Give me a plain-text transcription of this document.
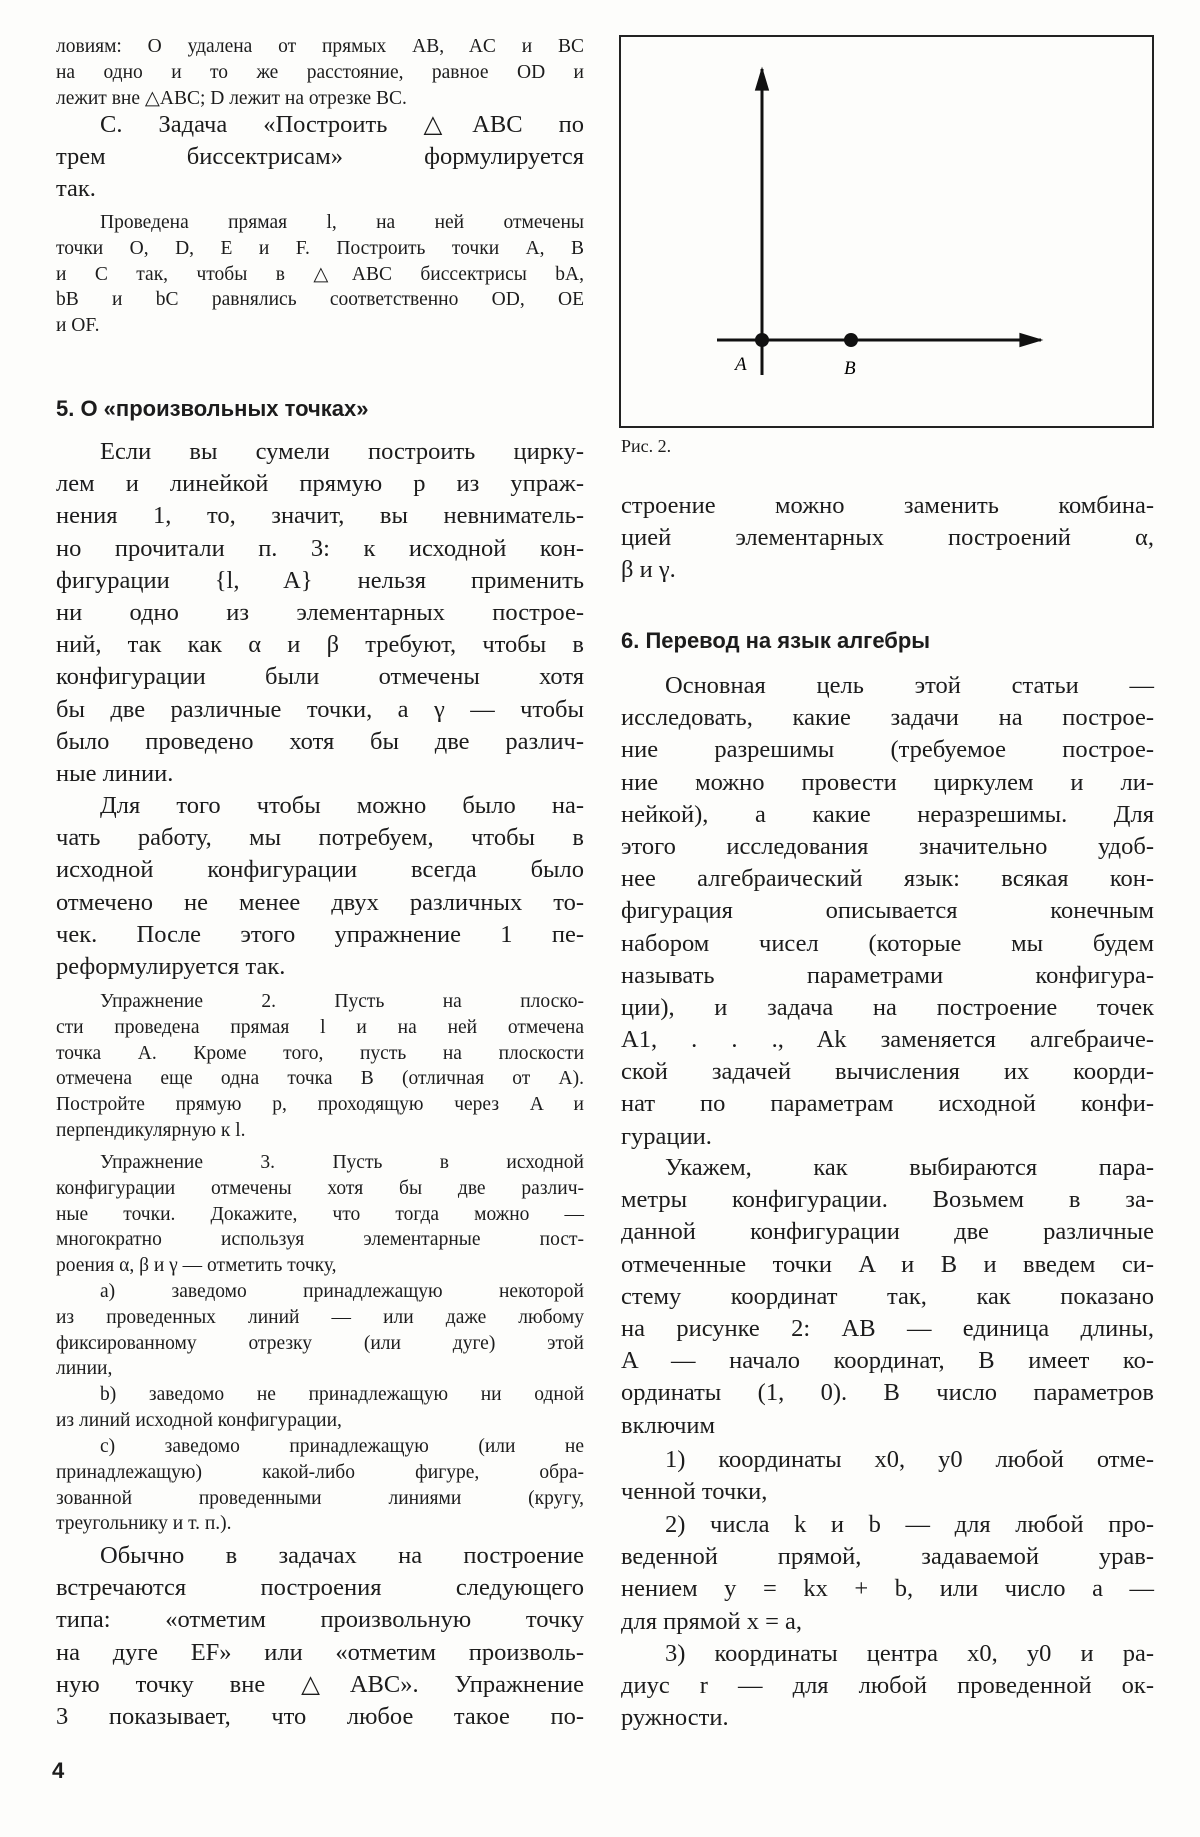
ловиям: O удалена от прямых AB, AC и BC
на одно и то же расстояние, равное OD и
лежит вне △ABC; D лежит на отрезке BC.
С. Задача «Построить △ABC по
трем биссектрисам» формулируется
так.
Проведена прямая l, на ней отмечены
точки O, D, E и F. Построить точки A, B
и C так, чтобы в △ABC биссектрисы bA,
bB и bC равнялись соответственно OD, OE
и OF.
5. О «произвольных точках»
Если вы сумели построить цирку-
лем и линейкой прямую p из упраж-
нения 1, то, значит, вы невниматель-
но прочитали п. 3: к исходной кон-
фигурации {l, A} нельзя применить
ни одно из элементарных построе-
ний, так как α и β требуют, чтобы в
конфигурации были отмечены хотя
бы две различные точки, а γ — чтобы
было проведено хотя бы две различ-
ные линии.
Для того чтобы можно было на-
чать работу, мы потребуем, чтобы в
исходной конфигурации всегда было
отмечено не менее двух различных то-
чек. После этого упражнение 1 пе-
реформулируется так.
Упражнение 2. Пусть на плоско-
сти проведена прямая l и на ней отмечена
точка A. Кроме того, пусть на плоскости
отмечена еще одна точка B (отличная от A).
Постройте прямую p, проходящую через A и
перпендикулярную к l.
Упражнение 3. Пусть в исходной
конфигурации отмечены хотя бы две различ-
ные точки. Докажите, что тогда можно —
многократно используя элементарные пост-
роения α, β и γ — отметить точку,
а) заведомо принадлежащую некоторой
из проведенных линий — или даже любому
фиксированному отрезку (или дуге) этой
линии,
b) заведомо не принадлежащую ни одной
из линий исходной конфигурации,
c) заведомо принадлежащую (или не
принадлежащую) какой-либо фигуре, обра-
зованной проведенными линиями (кругу,
треугольнику и т. п.).
Обычно в задачах на построение
встречаются построения следующего
типа: «отметим произвольную точку
на дуге EF» или «отметим произволь-
ную точку вне △ABC». Упражнение
3 показывает, что любое такое по-
A	B
Рис. 2.
строение можно заменить комбина-
цией элементарных построений α,
β и γ.
6. Перевод на язык алгебры
Основная цель этой статьи —
исследовать, какие задачи на построе-
ние разрешимы (требуемое построе-
ние можно провести циркулем и ли-
нейкой), а какие неразрешимы. Для
этого исследования значительно удоб-
нее алгебраический язык: всякая кон-
фигурация описывается конечным
набором чисел (которые мы будем
называть параметрами конфигура-
ции), и задача на построение точек
A1, . . ., Ak заменяется алгебраиче-
ской задачей вычисления их коорди-
нат по параметрам исходной конфи-
гурации.
Укажем, как выбираются пара-
метры конфигурации. Возьмем в за-
данной конфигурации две различные
отмеченные точки A и B и введем си-
стему координат так, как показано
на рисунке 2: AB — единица длины,
A — начало координат, B имеет ко-
ординаты (1, 0). В число параметров
включим
1) координаты x0, y0 любой отме-
ченной точки,
2) числа k и b — для любой про-
веденной прямой, задаваемой урав-
нением y = kx + b, или число a —
для прямой x = a,
3) координаты центра x0, y0 и ра-
диус r — для любой проведенной ок-
ружности.
4
